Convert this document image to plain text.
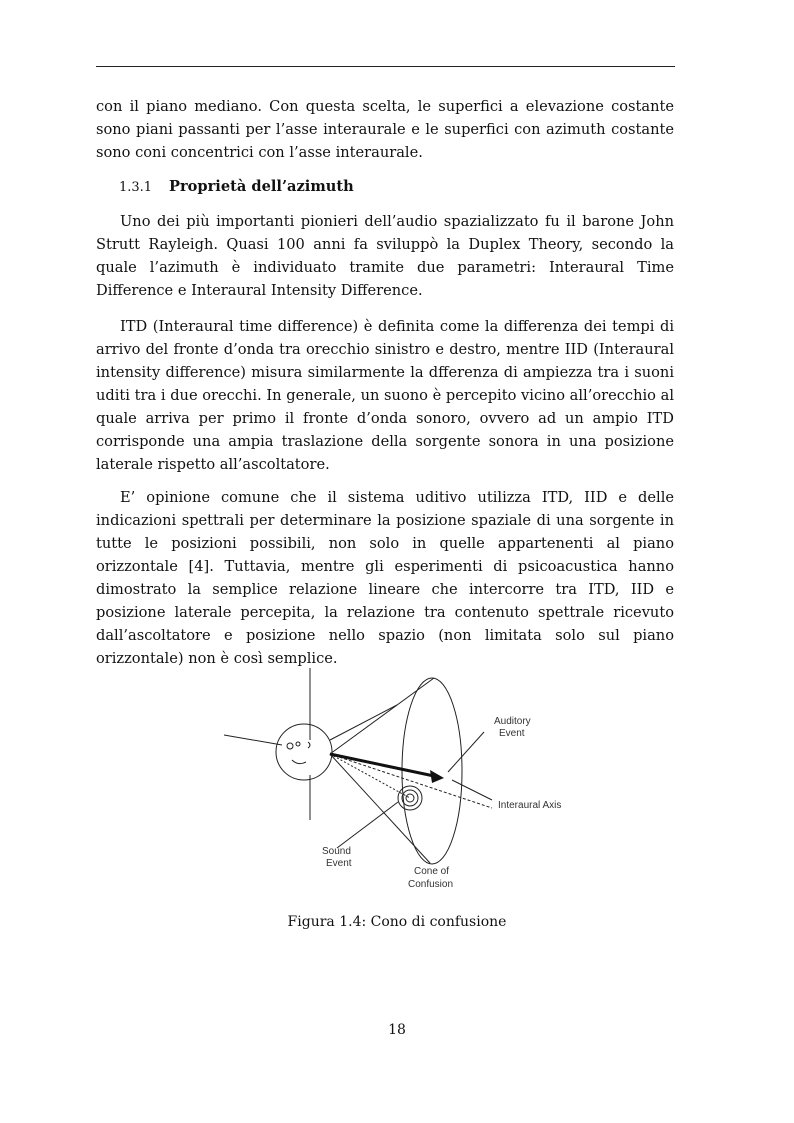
con il piano mediano. Con questa scelta, le superfici a elevazione costante sono piani passanti per l’asse interaurale e le superfici con azimuth costante sono coni concentrici con l’asse interaurale.

1.3.1 Proprietà dell’azimuth

Uno dei più importanti pionieri dell’audio spazializzato fu il barone John Strutt Rayleigh. Quasi 100 anni fa sviluppò la Duplex Theory, secondo la quale l’azimuth è individuato tramite due parametri: Interaural Time Difference e Interaural Intensity Difference.

ITD (Interaural time difference) è definita come la differenza dei tempi di arrivo del fronte d’onda tra orecchio sinistro e destro, mentre IID (Interaural intensity difference) misura similarmente la dfferenza di ampiezza tra i suoni uditi tra i due orecchi. In generale, un suono è percepito vicino all’orecchio al quale arriva per primo il fronte d’onda sonoro, ovvero ad un ampio ITD corrisponde una ampia traslazione della sorgente sonora in una posizione laterale rispetto all’ascoltatore.

E’ opinione comune che il sistema uditivo utilizza ITD, IID e delle indicazioni spettrali per determinare la posizione spaziale di una sorgente in tutte le posizioni possibili, non solo in quelle appartenenti al piano orizzontale [4]. Tuttavia, mentre gli esperimenti di psicoacustica hanno dimostrato la semplice relazione lineare che intercorre tra ITD, IID e posizione laterale percepita, la relazione tra contenuto spettrale ricevuto dall’ascoltatore e posizione nello spazio (non limitata solo sul piano orizzontale) non è così semplice.

Auditory
Event
Interaural Axis
Sound
Event
Cone of
Confusion
Figura 1.4: Cono di confusione
18
